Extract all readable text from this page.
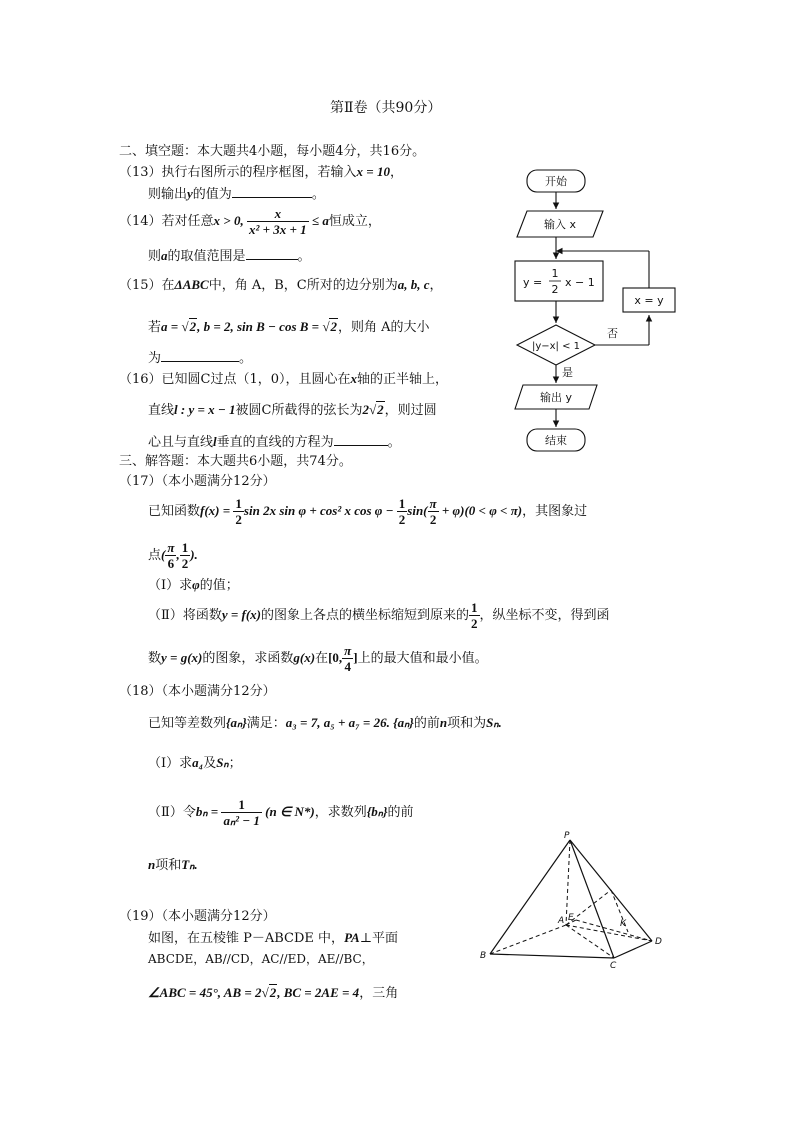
第Ⅱ卷（共90分）
二、填空题：本大题共4小题，每小题4分，共16分。
（13）执行右图所示的程序框图，若输入x = 10，
则输出y的值为	。
（14）若对任意x > 0, $\frac{x}{\text{x² + 3x + 1}} \le a$恒成立，
则a的取值范围是	。
（15）在ΔABC中，角 A，B，C所对的边分别为a, b, c，
若a = √2, b = 2, sin B − cos B = √2，则角 A的大小
为	。
（16）已知圆C过点（1，0），且圆心在x轴的正半轴上，
直线l : y = x − 1被圆C所截得的弦长为2√2，则过圆
心且与直线l垂直的直线的方程为	。
开始
输入 x
y =
1
2
x − 1
|y−x| < 1
是
否
x = y
输出 y
结束
三、解答题：本大题共6小题，共74分。
（17）（本小题满分12分）
已知函数$f(x) = \frac{1}{2}$ sin 2x sin φ + cos² x $\cos \varphi - \frac{1}{2} \sin( \frac{\pi}{2} + \varphi)(0 < \varphi < \pi)$，其图象过
点( $\frac{\pi}{6}$ , $\frac{1}{2}$ ).
（Ⅰ）求φ的值；
（Ⅱ）将函数y = f(x)的图象上各点的横坐标缩短到原来的 $\frac{1}{2}$ ，纵坐标不变，得到函
数y = g(x)的图象，求函数g(x)在[0, $\frac{\pi}{4}$ ]上的最大值和最小值。
（18）（本小题满分12分）
已知等差数列{aₙ}满足：a₃ = 7, a₅ + a₇ = 26. {aₙ}的前n项和为Sₙ.
（Ⅰ）求a₄及Sₙ；
（Ⅱ）令$b_n = \frac{1}{\text{aₙ² − 1}} (n$ ∈ N*)，求数列{bₙ}的前
n项和Tₙ.
（19）（本小题满分12分）
如图，在五棱锥 P－ABCDE 中，PA⊥平面
ABCDE，AB//CD，AC//ED，AE//BC，
∠ABC = 45°, AB = 2√2, BC = 2AE = 4，三角
P
A E
K
B
C
D
